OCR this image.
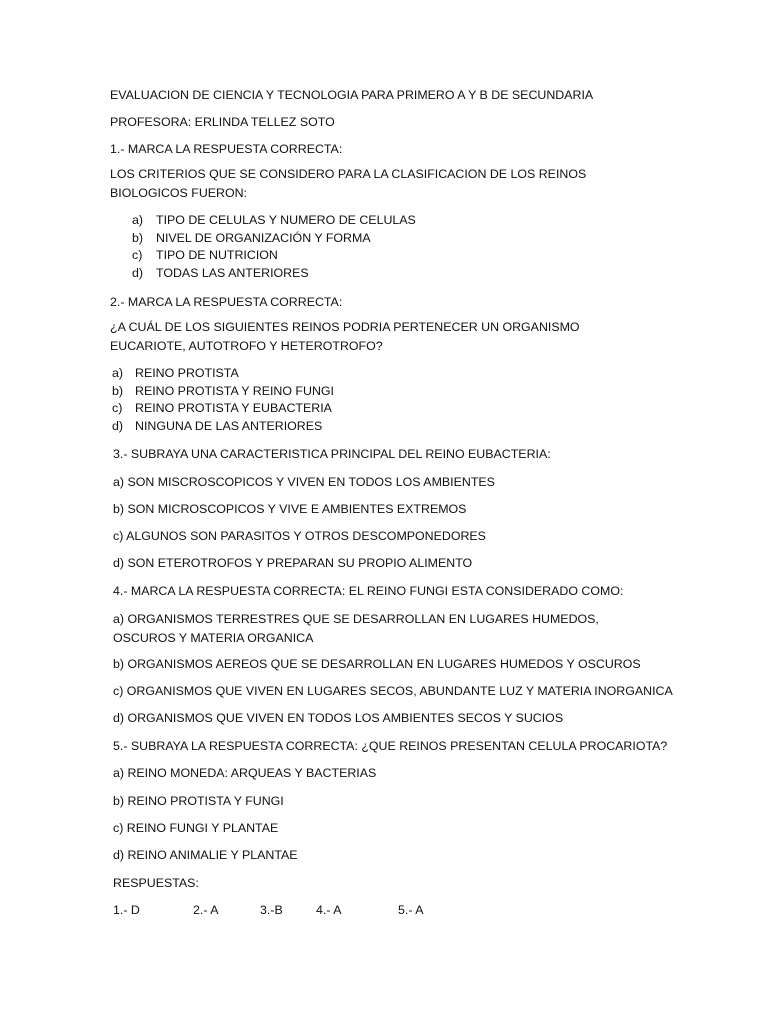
EVALUACION DE CIENCIA Y TECNOLOGIA PARA PRIMERO A Y B DE SECUNDARIA

PROFESORA: ERLINDA TELLEZ SOTO

1.- MARCA LA RESPUESTA CORRECTA:

LOS CRITERIOS QUE SE CONSIDERO PARA LA CLASIFICACION DE LOS REINOS BIOLOGICOS FUERON:

a) TIPO DE CELULAS Y NUMERO DE CELULAS
b) NIVEL DE ORGANIZACIÓN Y FORMA
c) TIPO DE NUTRICION
d) TODAS LAS ANTERIORES

2.- MARCA LA RESPUESTA CORRECTA:

¿A CUÁL DE LOS SIGUIENTES REINOS PODRIA PERTENECER UN ORGANISMO EUCARIOTE, AUTOTROFO Y HETEROTROFO?

a) REINO PROTISTA
b) REINO PROTISTA Y REINO FUNGI
c) REINO PROTISTA Y EUBACTERIA
d) NINGUNA DE LAS ANTERIORES

3.- SUBRAYA UNA CARACTERISTICA PRINCIPAL DEL REINO EUBACTERIA:

a) SON MISCROSCOPICOS Y VIVEN EN TODOS LOS AMBIENTES

b) SON MICROSCOPICOS Y VIVE E AMBIENTES EXTREMOS

c) ALGUNOS SON PARASITOS Y OTROS DESCOMPONEDORES

d) SON ETEROTROFOS Y PREPARAN SU PROPIO ALIMENTO

4.- MARCA LA RESPUESTA CORRECTA: EL REINO FUNGI ESTA CONSIDERADO COMO:

a) ORGANISMOS TERRESTRES QUE SE DESARROLLAN EN LUGARES HUMEDOS, OSCUROS Y MATERIA ORGANICA

b) ORGANISMOS AEREOS QUE SE DESARROLLAN EN LUGARES HUMEDOS Y OSCUROS

c) ORGANISMOS QUE VIVEN EN LUGARES SECOS, ABUNDANTE LUZ Y MATERIA INORGANICA

d) ORGANISMOS QUE VIVEN EN TODOS LOS AMBIENTES SECOS Y SUCIOS

5.- SUBRAYA LA RESPUESTA CORRECTA: ¿QUE REINOS PRESENTAN CELULA PROCARIOTA?

a) REINO MONEDA: ARQUEAS Y BACTERIAS

b) REINO PROTISTA Y FUNGI

c) REINO FUNGI Y PLANTAE

d) REINO ANIMALIE Y PLANTAE

RESPUESTAS:

1.- D	2.- A	3.-B	4.- A	5.- A
